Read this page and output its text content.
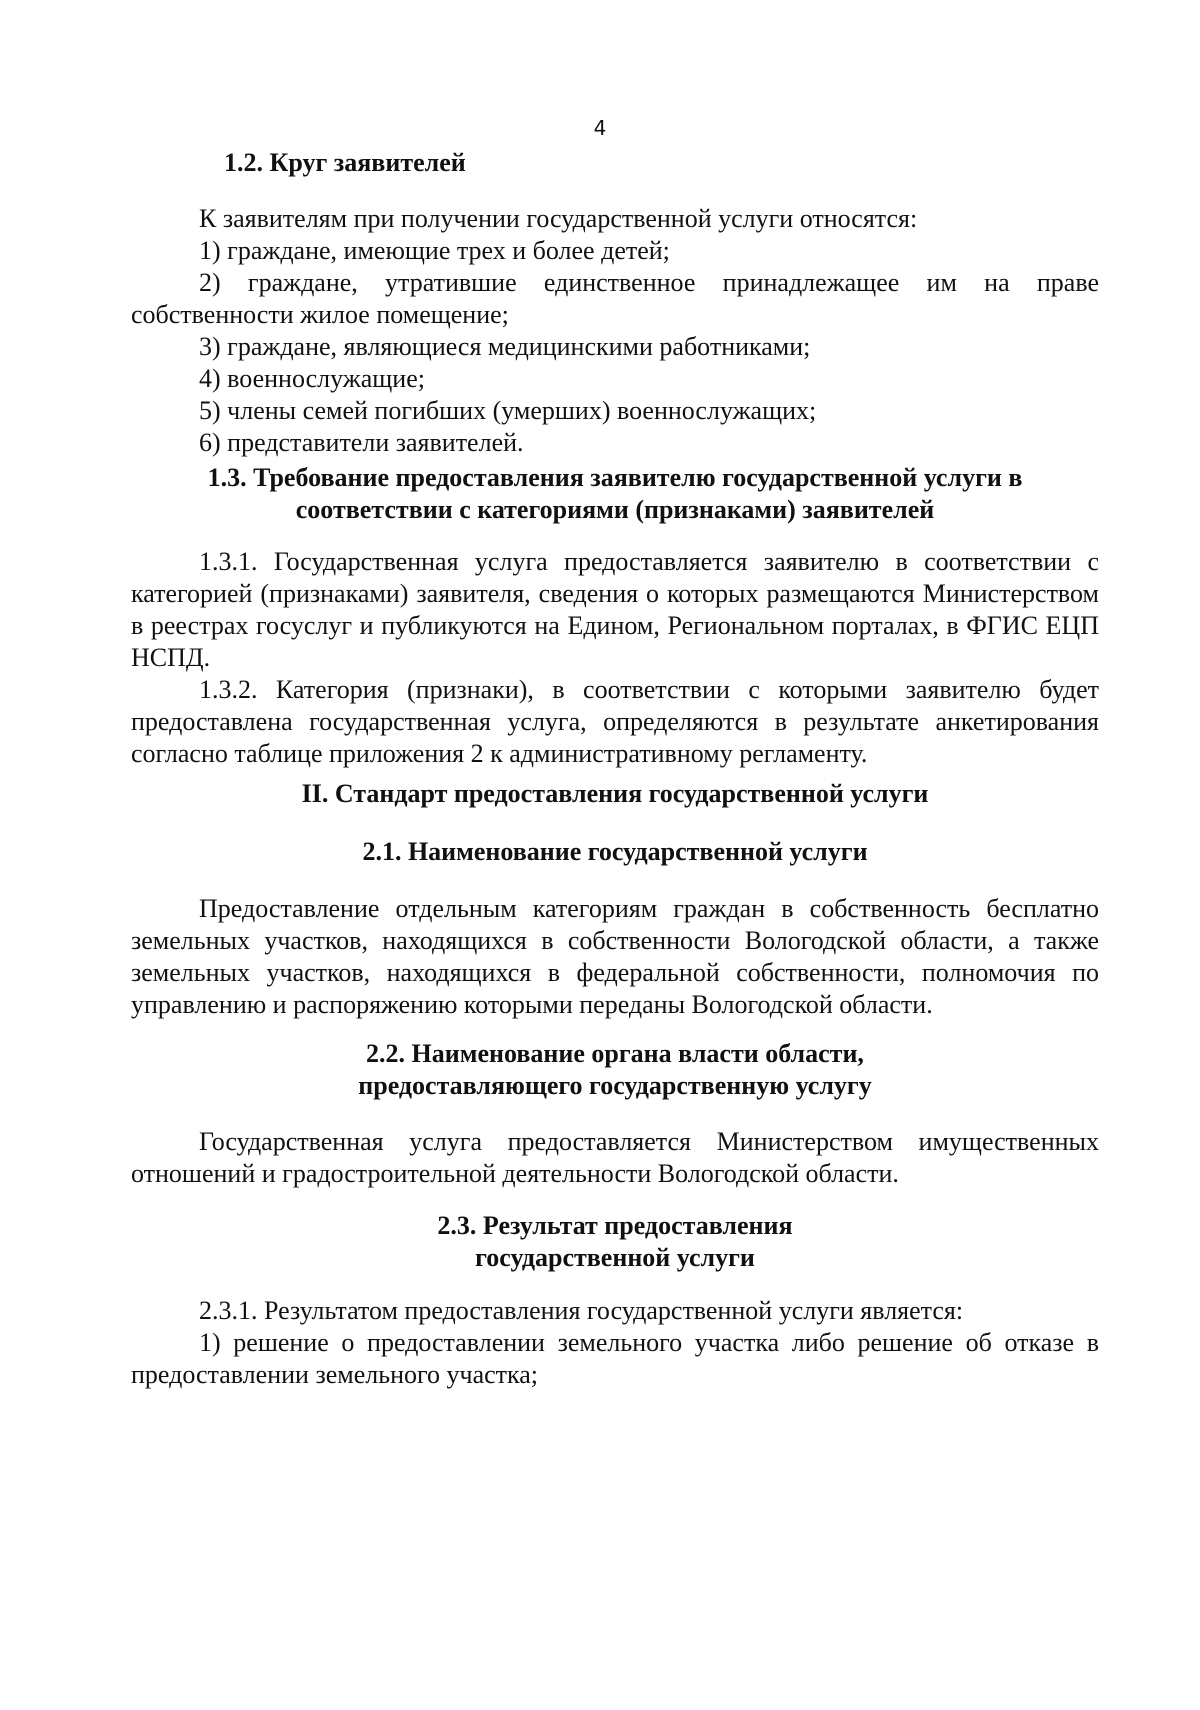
4
1.2. Круг заявителей

К заявителям при получении государственной услуги относятся:

1) граждане, имеющие трех и более детей;

2) граждане, утратившие единственное принадлежащее им на праве собственности жилое помещение;

3) граждане, являющиеся медицинскими работниками;

4) военнослужащие;

5) члены семей погибших (умерших) военнослужащих;

6) представители заявителей.

1.3. Требование предоставления заявителю государственной услуги в
соответствии с категориями (признаками) заявителей

1.3.1. Государственная услуга предоставляется заявителю в соответствии с категорией (признаками) заявителя, сведения о которых размещаются Министерством в реестрах госуслуг и публикуются на Едином, Региональном порталах, в ФГИС ЕЦП НСПД.

1.3.2. Категория (признаки), в соответствии с которыми заявителю будет предоставлена государственная услуга, определяются в результате анкетирования согласно таблице приложения 2 к административному регламенту.

II. Стандарт предоставления государственной услуги
2.1. Наименование государственной услуги

Предоставление отдельным категориям граждан в собственность бесплатно земельных участков, находящихся в собственности Вологодской области, а также земельных участков, находящихся в федеральной собственности, полномочия по управлению и распоряжению которыми переданы Вологодской области.

2.2. Наименование органа власти области,
предоставляющего государственную услугу

Государственная услуга предоставляется Министерством имущественных отношений и градостроительной деятельности Вологодской области.

2.3. Результат предоставления
государственной услуги

2.3.1. Результатом предоставления государственной услуги является:

1) решение о предоставлении земельного участка либо решение об отказе в предоставлении земельного участка;
